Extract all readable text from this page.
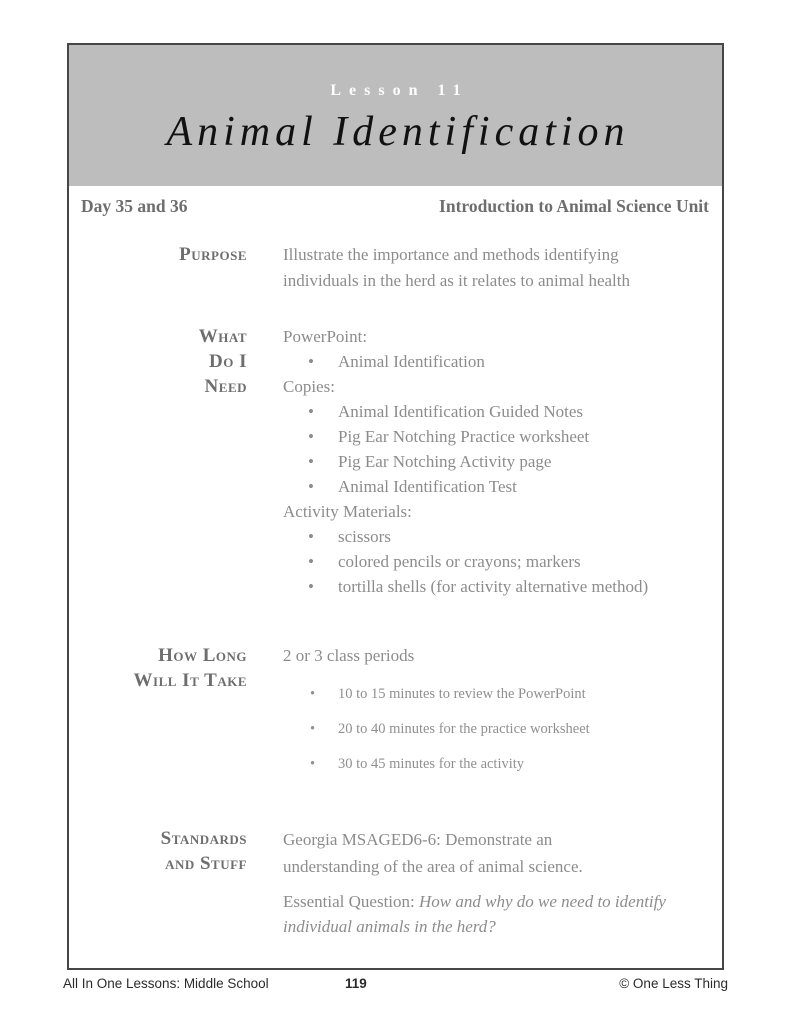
Lesson 11
Animal Identification
Day 35 and 36	Introduction to Animal Science Unit
Purpose Illustrate the importance and methods identifying
individuals in the herd as it relates to animal health
What
Do I
Need
PowerPoint:
•	Animal Identification
Copies:
•	Animal Identification Guided Notes
•	Pig Ear Notching Practice worksheet
•	Pig Ear Notching Activity page
•	Animal Identification Test
Activity Materials:
•	scissors
•	colored pencils or crayons; markers
•	tortilla shells (for activity alternative method)
How Long
Will It Take
2 or 3 class periods
•	10 to 15 minutes to review the PowerPoint
•	20 to 40 minutes for the practice worksheet
•	30 to 45 minutes for the activity
Standards
and Stuff
Georgia MSAGED6-6: Demonstrate an
understanding of the area of animal science.
Essential Question: How and why do we need to identify individual animals in the herd?
All In One Lessons: Middle School	119	© One Less Thing
